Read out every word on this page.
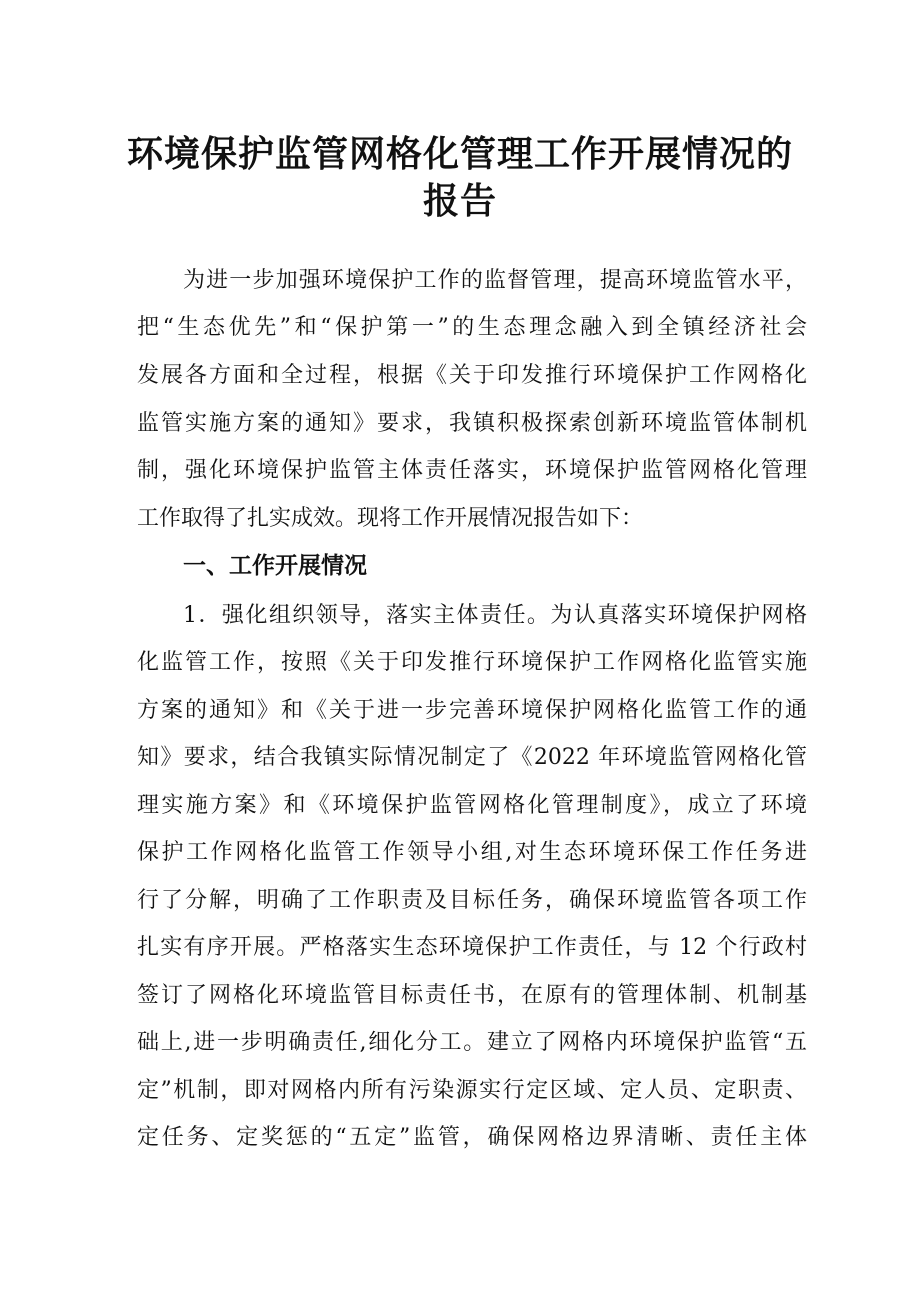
环境保护监管网格化管理工作开展情况的
报告
为进一步加强环境保护工作的监督管理，提高环境监管水平，
把“生态优先”和“保护第一”的生态理念融入到全镇经济社会
发展各方面和全过程，根据《关于印发推行环境保护工作网格化
监管实施方案的通知》要求，我镇积极探索创新环境监管体制机
制，强化环境保护监管主体责任落实，环境保护监管网格化管理
工作取得了扎实成效。现将工作开展情况报告如下：
一、工作开展情况
1．强化组织领导，落实主体责任。为认真落实环境保护网格
化监管工作，按照《关于印发推行环境保护工作网格化监管实施
方案的通知》和《关于进一步完善环境保护网格化监管工作的通
知》要求，结合我镇实际情况制定了《2022 年环境监管网格化管
理实施方案》和《环境保护监管网格化管理制度》，成立了环境
保护工作网格化监管工作领导小组,对生态环境环保工作任务进
行了分解，明确了工作职责及目标任务，确保环境监管各项工作
扎实有序开展。严格落实生态环境保护工作责任，与 12 个行政村
签订了网格化环境监管目标责任书，在原有的管理体制、机制基
础上,进一步明确责任,细化分工。建立了网格内环境保护监管“五
定”机制，即对网格内所有污染源实行定区域、定人员、定职责、
定任务、定奖惩的“五定”监管，确保网格边界清晰、责任主体
